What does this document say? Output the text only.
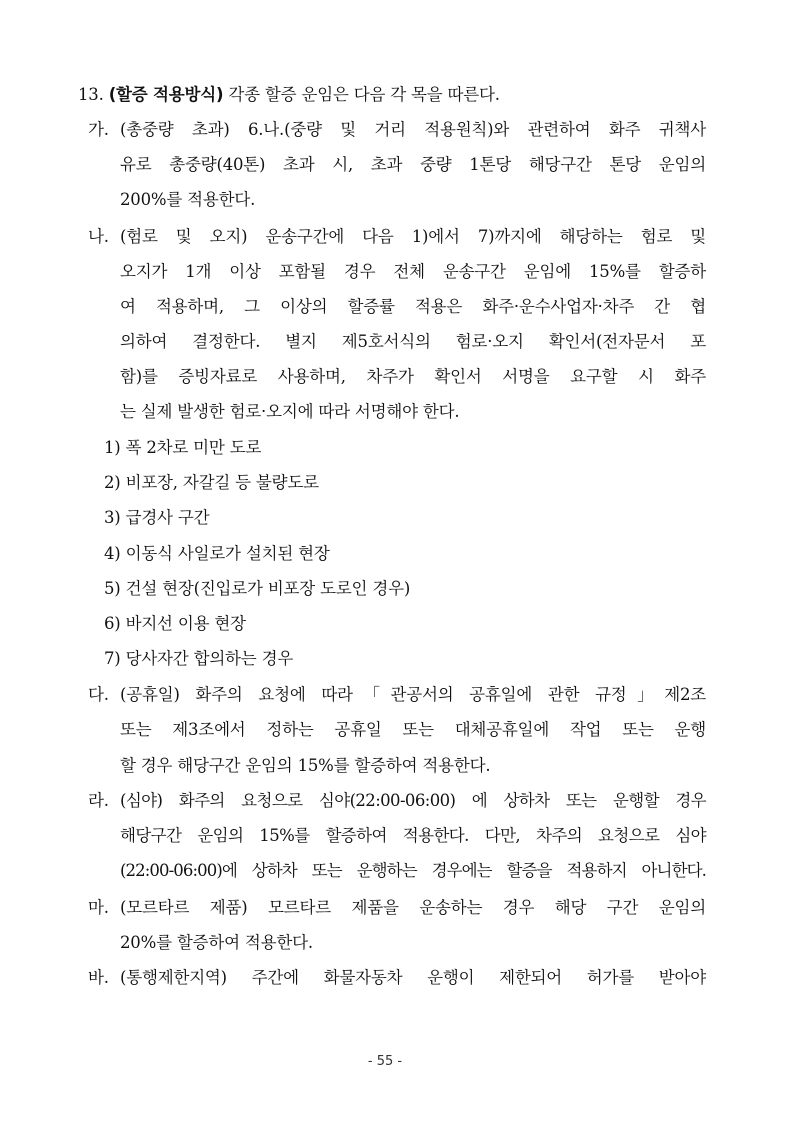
13. (할증 적용방식) 각종 할증 운임은 다음 각 목을 따른다.
가. (총중량 초과) 6.나.(중량 및 거리 적용원칙)와 관련하여 화주 귀책사
유로 총중량(40톤) 초과 시, 초과 중량 1톤당 해당구간 톤당 운임의
200%를 적용한다.
나. (험로 및 오지) 운송구간에 다음 1)에서 7)까지에 해당하는 험로 및
오지가 1개 이상 포함될 경우 전체 운송구간 운임에 15%를 할증하
여 적용하며, 그 이상의 할증률 적용은 화주·운수사업자·차주 간 협
의하여 결정한다. 별지 제5호서식의 험로·오지 확인서(전자문서 포
함)를 증빙자료로 사용하며, 차주가 확인서 서명을 요구할 시 화주
는 실제 발생한 험로·오지에 따라 서명해야 한다.
1) 폭 2차로 미만 도로
2) 비포장, 자갈길 등 불량도로
3) 급경사 구간
4) 이동식 사일로가 설치된 현장
5) 건설 현장(진입로가 비포장 도로인 경우)
6) 바지선 이용 현장
7) 당사자간 합의하는 경우
다. (공휴일) 화주의 요청에 따라「관공서의 공휴일에 관한 규정」제2조
또는 제3조에서 정하는 공휴일 또는 대체공휴일에 작업 또는 운행
할 경우 해당구간 운임의 15%를 할증하여 적용한다.
라. (심야) 화주의 요청으로 심야(22:00-06:00) 에 상하차 또는 운행할 경우
해당구간 운임의 15%를 할증하여 적용한다. 다만, 차주의 요청으로 심야
(22:00-06:00)에 상하차 또는 운행하는 경우에는 할증을 적용하지 아니한다.
마. (모르타르 제품) 모르타르 제품을 운송하는 경우 해당 구간 운임의
20%를 할증하여 적용한다.
바. (통행제한지역) 주간에 화물자동차 운행이 제한되어 허가를 받아야
- 55 -
